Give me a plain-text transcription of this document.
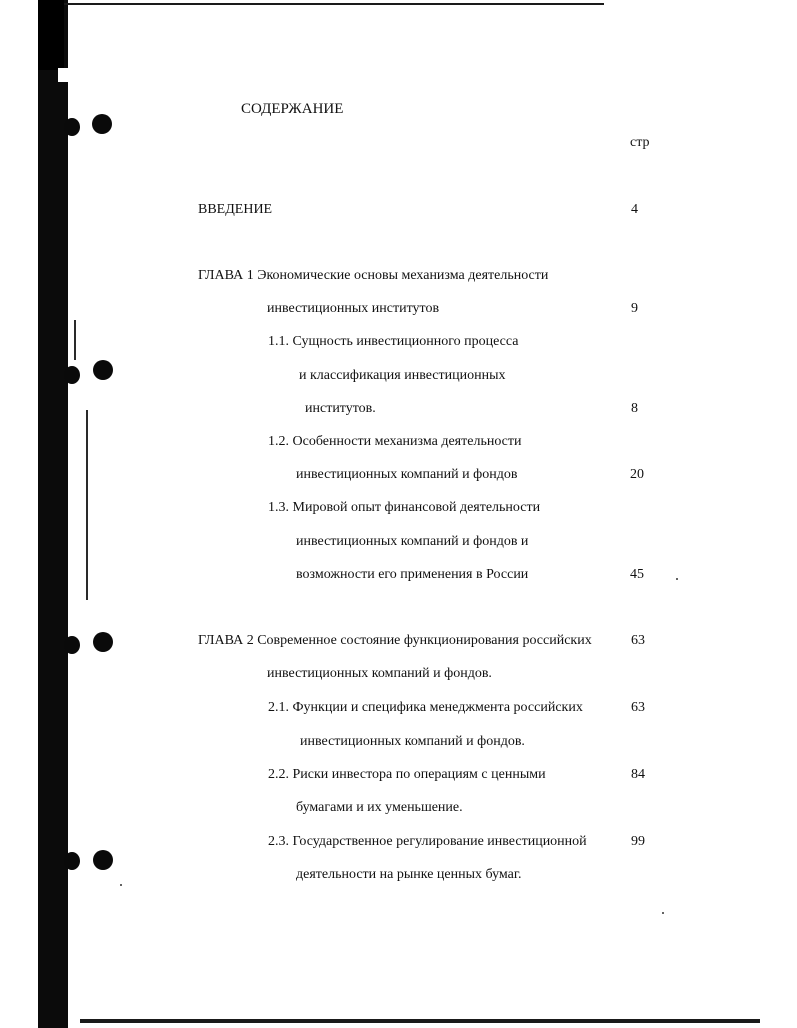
СОДЕРЖАНИЕ
стр
ВВЕДЕНИЕ	4
ГЛАВА 1 Экономические основы механизма деятельности
инвестиционных институтов	9
1.1. Сущность инвестиционного процесса
и классификация инвестиционных
институтов.	8
1.2. Особенности механизма деятельности
инвестиционных компаний и фондов	20
1.3. Мировой опыт финансовой деятельности
инвестиционных компаний и фондов и
возможности его применения в России	45
ГЛАВА 2 Современное состояние функционирования российских	63
инвестиционных компаний и фондов.
2.1. Функции и специфика менеджмента российских	63
инвестиционных компаний и фондов.
2.2. Риски инвестора по операциям с ценными	84
бумагами и их уменьшение.
2.3. Государственное регулирование инвестиционной	99
деятельности на рынке ценных бумаг.
